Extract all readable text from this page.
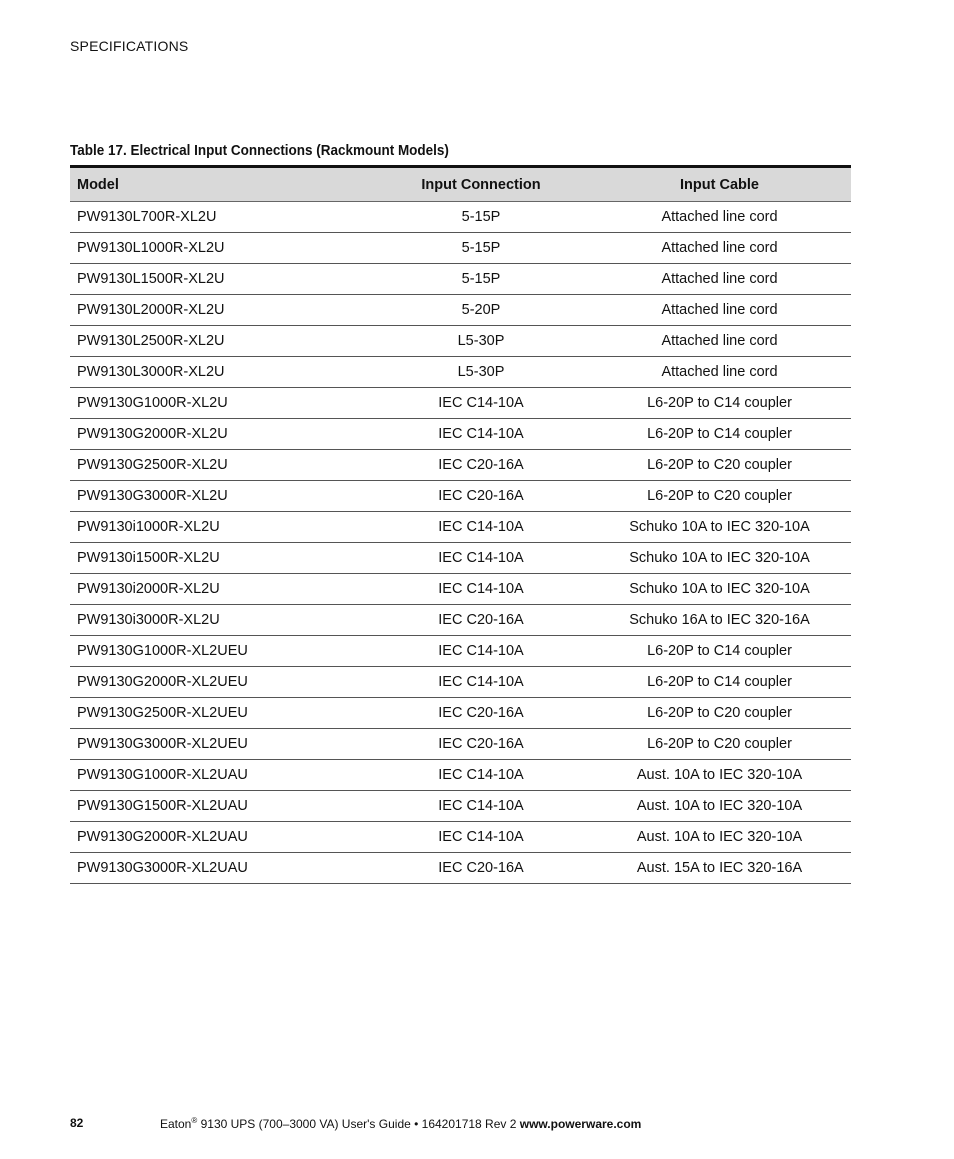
SPECIFICATIONS
Table 17. Electrical Input Connections (Rackmount Models)
Model	Input Connection	Input Cable
PW9130L700R-XL2U	5-15P	Attached line cord
PW9130L1000R-XL2U	5-15P	Attached line cord
PW9130L1500R-XL2U	5-15P	Attached line cord
PW9130L2000R-XL2U	5-20P	Attached line cord
PW9130L2500R-XL2U	L5-30P	Attached line cord
PW9130L3000R-XL2U	L5-30P	Attached line cord
PW9130G1000R-XL2U	IEC C14-10A	L6-20P to C14 coupler
PW9130G2000R-XL2U	IEC C14-10A	L6-20P to C14 coupler
PW9130G2500R-XL2U	IEC C20-16A	L6-20P to C20 coupler
PW9130G3000R-XL2U	IEC C20-16A	L6-20P to C20 coupler
PW9130i1000R-XL2U	IEC C14-10A	Schuko 10A to IEC 320-10A
PW9130i1500R-XL2U	IEC C14-10A	Schuko 10A to IEC 320-10A
PW9130i2000R-XL2U	IEC C14-10A	Schuko 10A to IEC 320-10A
PW9130i3000R-XL2U	IEC C20-16A	Schuko 16A to IEC 320-16A
PW9130G1000R-XL2UEU	IEC C14-10A	L6-20P to C14 coupler
PW9130G2000R-XL2UEU	IEC C14-10A	L6-20P to C14 coupler
PW9130G2500R-XL2UEU	IEC C20-16A	L6-20P to C20 coupler
PW9130G3000R-XL2UEU	IEC C20-16A	L6-20P to C20 coupler
PW9130G1000R-XL2UAU	IEC C14-10A	Aust. 10A to IEC 320-10A
PW9130G1500R-XL2UAU	IEC C14-10A	Aust. 10A to IEC 320-10A
PW9130G2000R-XL2UAU	IEC C14-10A	Aust. 10A to IEC 320-10A
PW9130G3000R-XL2UAU	IEC C20-16A	Aust. 15A to IEC 320-16A
82	Eaton® 9130 UPS (700–3000 VA) User's Guide • 164201718 Rev 2 www.powerware.com
